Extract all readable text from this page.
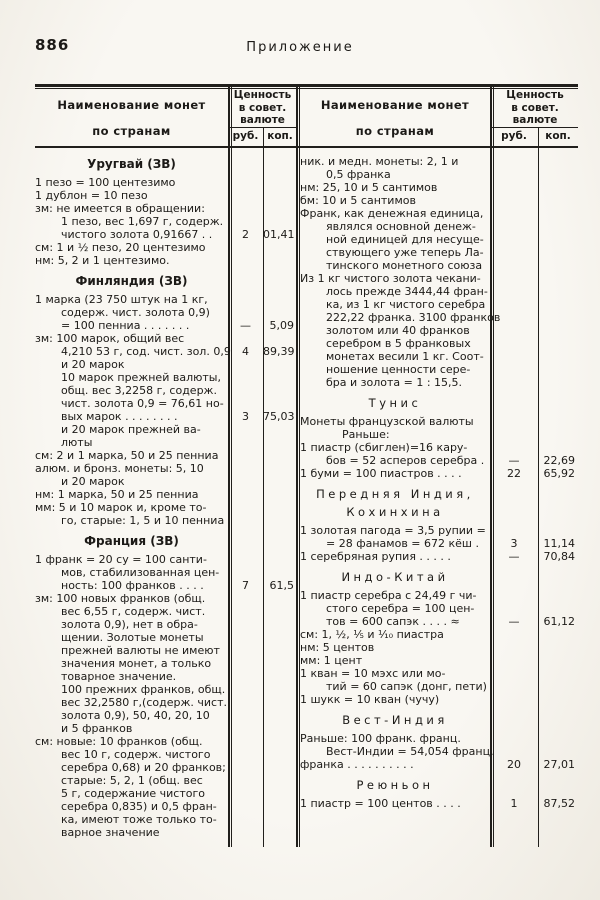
886	Приложение
Наименование монет
по странам
Ценность
в совет.
валюте
руб. коп.
Наименование монет
по странам
Ценность
в совет.
валюте
руб.	коп.
Уругвай (ЗВ)
1 пезо = 100 центезимо
1 дублон = 10 пезо
зм: не имеется в обращении:
1 пезо, вес 1,697 г, содерж.
чистого золота 0,91667 . .	2	01,41
см: 1 и ½ пезо, 20 центезимо
нм: 5, 2 и 1 центезимо.
Финляндия (ЗВ)
1 марка (23 750 штук на 1 кг,
содерж. чист. золота 0,9)
= 100 пенниа . . . . . . .	—	5,09
зм: 100 марок, общий вес
4,210 53 г, сод. чист. зол. 0,9	4	89,39
и 20 марок
10 марок прежней валюты,
общ. вес 3,2258 г, содерж.
чист. золота 0,9 = 76,61 но-
вых марок . . . . . . . .	3	75,03
и 20 марок прежней ва-
люты
см: 2 и 1 марка, 50 и 25 пенниа
алюм. и бронз. монеты: 5, 10
и 20 марок
нм: 1 марка, 50 и 25 пенниа
мм: 5 и 10 марок и, кроме то-
го, старые: 1, 5 и 10 пенниа
Франция (ЗВ)
1 франк = 20 су = 100 санти-
мов, стабилизованная цен-
ность: 100 франков . . . .	7	61,5
зм: 100 новых франков (общ.
вес 6,55 г, содерж. чист.
золота 0,9), нет в обра-
щении. Золотые монеты
прежней валюты не имеют
значения монет, а только
товарное значение.
100 прежних франков, общ.
вес 32,2580 г,(содерж. чист.
золота 0,9), 50, 40, 20, 10
и 5 франков
см: новые: 10 франков (общ.
вес 10 г, содерж. чистого
серебра 0,68) и 20 франков;
старые: 5, 2, 1 (общ. вес
5 г, содержание чистого
серебра 0,835) и 0,5 фран-
ка, имеют тоже только то-
варное значение
ник. и медн. монеты: 2, 1 и
0,5 франка
нм: 25, 10 и 5 сантимов
бм: 10 и 5 сантимов
Франк, как денежная единица,
являлся основной денеж-
ной единицей для несуще-
ствующего уже теперь Ла-
тинского монетного союза
Из 1 кг чистого золота чекани-
лось прежде 3444,44 фран-
ка, из 1 кг чистого серебра
222,22 франка. 3100 франков
золотом или 40 франков
серебром в 5 франковых
монетах весили 1 кг. Соот-
ношение ценности сере-
бра и золота = 1 : 15,5.
Тунис
Монеты французской валюты
Раньше:
1 пиастр (сбиглен)=16 кару-
бов = 52 асперов серебра .	—	22,69
1 буми = 100 пиастров . . . .	22	65,92
Передняя Индия,
Кохинхина
1 золотая пагода = 3,5 рупии =
= 28 фанамов = 672 кёш .	3	11,14
1 серебряная рупия . . . . .	—	70,84
Индо-Китай
1 пиастр серебра с 24,49 г чи-
стого серебра = 100 цен-
тов = 600 сапэк . . . . ≈	—	61,12
см: 1, ½, ⅕ и ⅒ пиастра
нм: 5 центов
мм: 1 цент
1 кван = 10 мэхс или мо-
тий = 60 сапэк (донг, пети)
1 шукк = 10 кван (чучу)
Вест-Индия
Раньше: 100 франк. франц.
Вест-Индии = 54,054 франц.
франка . . . . . . . . . .	20	27,01
Реюньон
1 пиастр = 100 центов . . . .	1	87,52
